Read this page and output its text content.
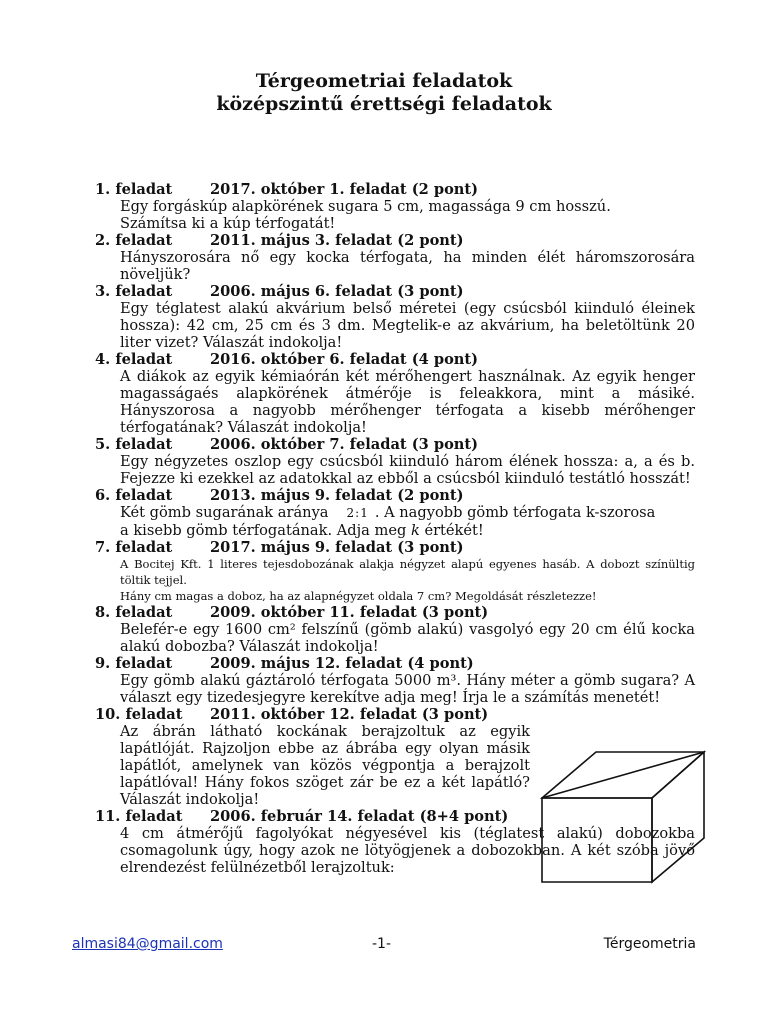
Térgeometriai feladatok
középszintű érettségi feladatok
1. feladat	2017. október 1. feladat (2 pont)
Egy forgáskúp alapkörének sugara 5 cm, magassága 9 cm hosszú.
Számítsa ki a kúp térfogatát!
2. feladat	2011. május 3. feladat (2 pont)
Hányszorosára nő egy kocka térfogata, ha minden élét háromszorosára növeljük?
3. feladat	2006. május 6. feladat (3 pont)
Egy téglatest alakú akvárium belső méretei (egy csúcsból kiinduló éleinek hossza): 42 cm, 25 cm és 3 dm. Megtelik-e az akvárium, ha beletöltünk 20 liter vizet? Válaszát indokolja!
4. feladat	2016. október 6. feladat (4 pont)
A diákok az egyik kémiaórán két mérőhengert használnak. Az egyik henger magasságaés alapkörének átmérője is feleakkora, mint a másiké. Hányszorosa a nagyobb mérőhenger térfogata a kisebb mérőhenger térfogatának? Válaszát indokolja!
5. feladat	2006. október 7. feladat (3 pont)
Egy négyzetes oszlop egy csúcsból kiinduló három élének hossza: a, a és b. Fejezze ki ezekkel az adatokkal az ebből a csúcsból kiinduló testátló hosszát!
6. feladat	2013. május 9. feladat (2 pont)
Két gömb sugarának aránya 2:1 . A nagyobb gömb térfogata k-szorosa
a kisebb gömb térfogatának. Adja meg k értékét!
7. feladat	2017. május 9. feladat (3 pont)
A Bocitej Kft. 1 literes tejesdobozának alakja négyzet alapú egyenes hasáb. A dobozt színültig töltik tejjel.
Hány cm magas a doboz, ha az alapnégyzet oldala 7 cm? Megoldását részletezze!
8. feladat	2009. október 11. feladat (3 pont)
Belefér-e egy 1600 cm² felszínű (gömb alakú) vasgolyó egy 20 cm élű kocka alakú dobozba? Válaszát indokolja!
9. feladat	2009. május 12. feladat (4 pont)
Egy gömb alakú gáztároló térfogata 5000 m³. Hány méter a gömb sugara? A választ egy tizedesjegyre kerekítve adja meg! Írja le a számítás menetét!
10. feladat 2011. október 12. feladat (3 pont)
Az ábrán látható kockának berajzoltuk az egyik lapátlóját. Rajzoljon ebbe az ábrába egy olyan másik lapátlót, amelynek van közös végpontja a berajzolt lapátlóval! Hány fokos szöget zár be ez a két lapátló? Válaszát indokolja!
11. feladat 2006. február 14. feladat (8+4 pont)
4 cm átmérőjű fagolyókat négyesével kis (téglatest alakú) dobozokba csomagolunk úgy, hogy azok ne lötyögjenek a dobozokban. A két szóba jövő elrendezést felülnézetből lerajzoltuk:
almasi84@gmail.com	-1-	Térgeometria
